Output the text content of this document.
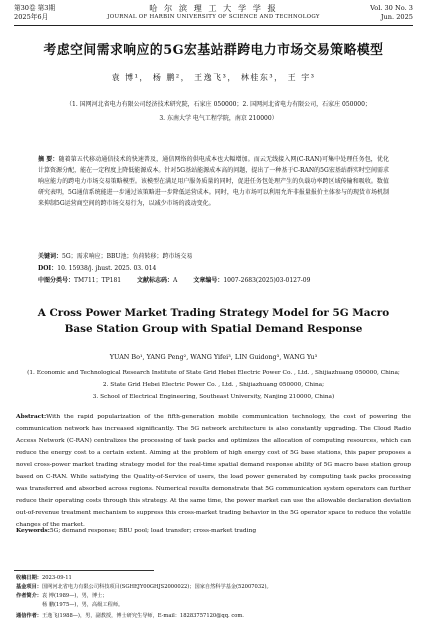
第30卷 第3期
2025年6月
哈 尔 滨 理 工 大 学 学 报
JOURNAL OF HARBIN UNIVERSITY OF SCIENCE AND TECHNOLOGY
Vol. 30 No. 3
Jun. 2025
考虑空间需求响应的5G宏基站群跨电力市场交易策略模型
袁 博¹， 杨 鹏²， 王逸飞³， 林桂东³， 王 宇³
（1. 国网河北省电力有限公司经济技术研究院，石家庄 050000；2. 国网河北省电力有限公司，石家庄 050000；
3. 东南大学 电气工程学院，南京 210000）
摘 要：随着第五代移动通信技术的快速普及，通信网络的供电成本也大幅增加。而云无线接入网(C-RAN)可集中处理任务包，优化计算资源分配，能在一定程度上降低能源成本。针对5G基站能源成本高的问题，提出了一种基于C-RAN的5G宏基站群实时空间需求响应能力的跨电力市场交易策略模型。该模型在满足用户服务质量的同时，促进任务包处理产生的负载功率跨区域传输和吸收。数值研究表明，5G通信系统能进一步通过该策略进一步降低运营成本。同时，电力市场可以利用允许非报量报价主体参与的现货市场机制来抑制5G运营商空间的跨市场交易行为，以减少市场的波动变化。
关键词：5G；需求响应；BBU池；负荷转移；跨市场交易
DOI：10. 15938/j. jhust. 2025. 03. 014
中图分类号：TM711；TP181	文献标志码：A	文章编号：1007-2683(2025)03-0127-09
A Cross Power Market Trading Strategy Model for 5G Macro
Base Station Group with Spatial Demand Response
YUAN Bo¹, YANG Peng², WANG Yifei³, LIN Guidong³, WANG Yu³
(1. Economic and Technological Research Institute of State Grid Hebei Electric Power Co. , Ltd. , Shijiazhuang 050000, China;
2. State Grid Hebei Electric Power Co. , Ltd. , Shijiazhuang 050000, China;
3. School of Electrical Engineering, Southeast University, Nanjing 210000, China)
Abstract:With the rapid popularization of the fifth-generation mobile communication technology, the cost of powering the communication network has increased significantly. The 5G network architecture is also constantly upgrading. The Cloud Radio Access Network (C-RAN) centralizes the processing of task packs and optimizes the allocation of computing resources, which can reduce the energy cost to a certain extent. Aiming at the problem of high energy cost of 5G base stations, this paper proposes a novel cross-power market trading strategy model for the real-time spatial demand response ability of 5G macro base station group based on C-RAN. While satisfying the Quality-of-Service of users, the load power generated by computing task packs processing was transferred and absorbed across regions. Numerical results demonstrate that 5G communication system operators can further reduce their operating costs through this strategy. At the same time, the power market can use the allowable declaration deviation out-of-revenue treatment mechanism to suppress this cross-market trading behavior in the 5G operator space to reduce the volatile changes of the market.
Keywords:5G; demand response; BBU pool; load transfer; cross-market trading
收稿日期：2023-09-11
基金项目：国网河北省电力有限公司科技项目(SGHEJY00GHJS2000022)；国家自然科学基金(52007032)。
作者简介：袁 博(1989—)，男，博士；
杨 鹏(1975—)，男，高级工程师。
通信作者：王逸飞(1988—)，男，副教授，博士研究生导师，E-mail：18283757120@qq. com.
